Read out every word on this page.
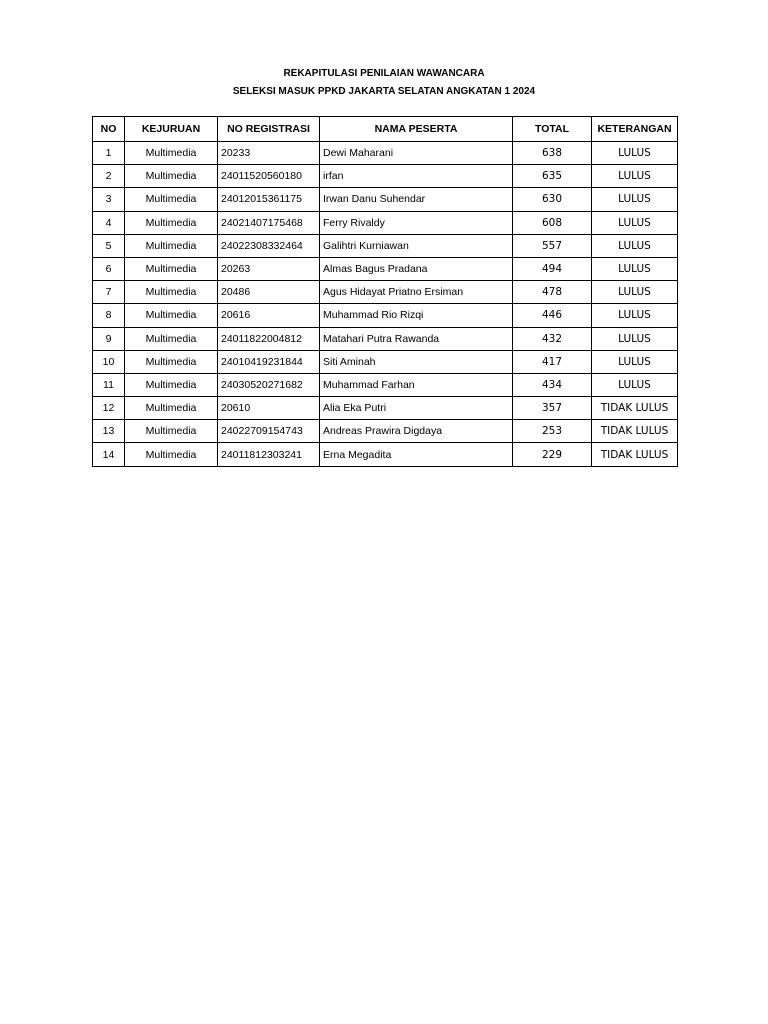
REKAPITULASI PENILAIAN WAWANCARA
SELEKSI MASUK PPKD JAKARTA SELATAN ANGKATAN 1 2024
NO	KEJURUAN	NO REGISTRASI	NAMA PESERTA	TOTAL	KETERANGAN
1	Multimedia	20233	Dewi Maharani	638	LULUS
2	Multimedia	24011520560180	irfan	635	LULUS
3	Multimedia	24012015361175	Irwan Danu Suhendar	630	LULUS
4	Multimedia	24021407175468	Ferry Rivaldy	608	LULUS
5	Multimedia	24022308332464	Galihtri Kurniawan	557	LULUS
6	Multimedia	20263	Almas Bagus Pradana	494	LULUS
7	Multimedia	20486	Agus Hidayat Priatno Ersiman	478	LULUS
8	Multimedia	20616	Muhammad Rio Rizqi	446	LULUS
9	Multimedia	24011822004812	Matahari Putra Rawanda	432	LULUS
10	Multimedia	24010419231844	Siti Aminah	417	LULUS
11	Multimedia	24030520271682	Muhammad Farhan	434	LULUS
12	Multimedia	20610	Alia Eka Putri	357	TIDAK LULUS
13	Multimedia	24022709154743	Andreas Prawira Digdaya	253	TIDAK LULUS
14	Multimedia	24011812303241	Erna Megadita	229	TIDAK LULUS
